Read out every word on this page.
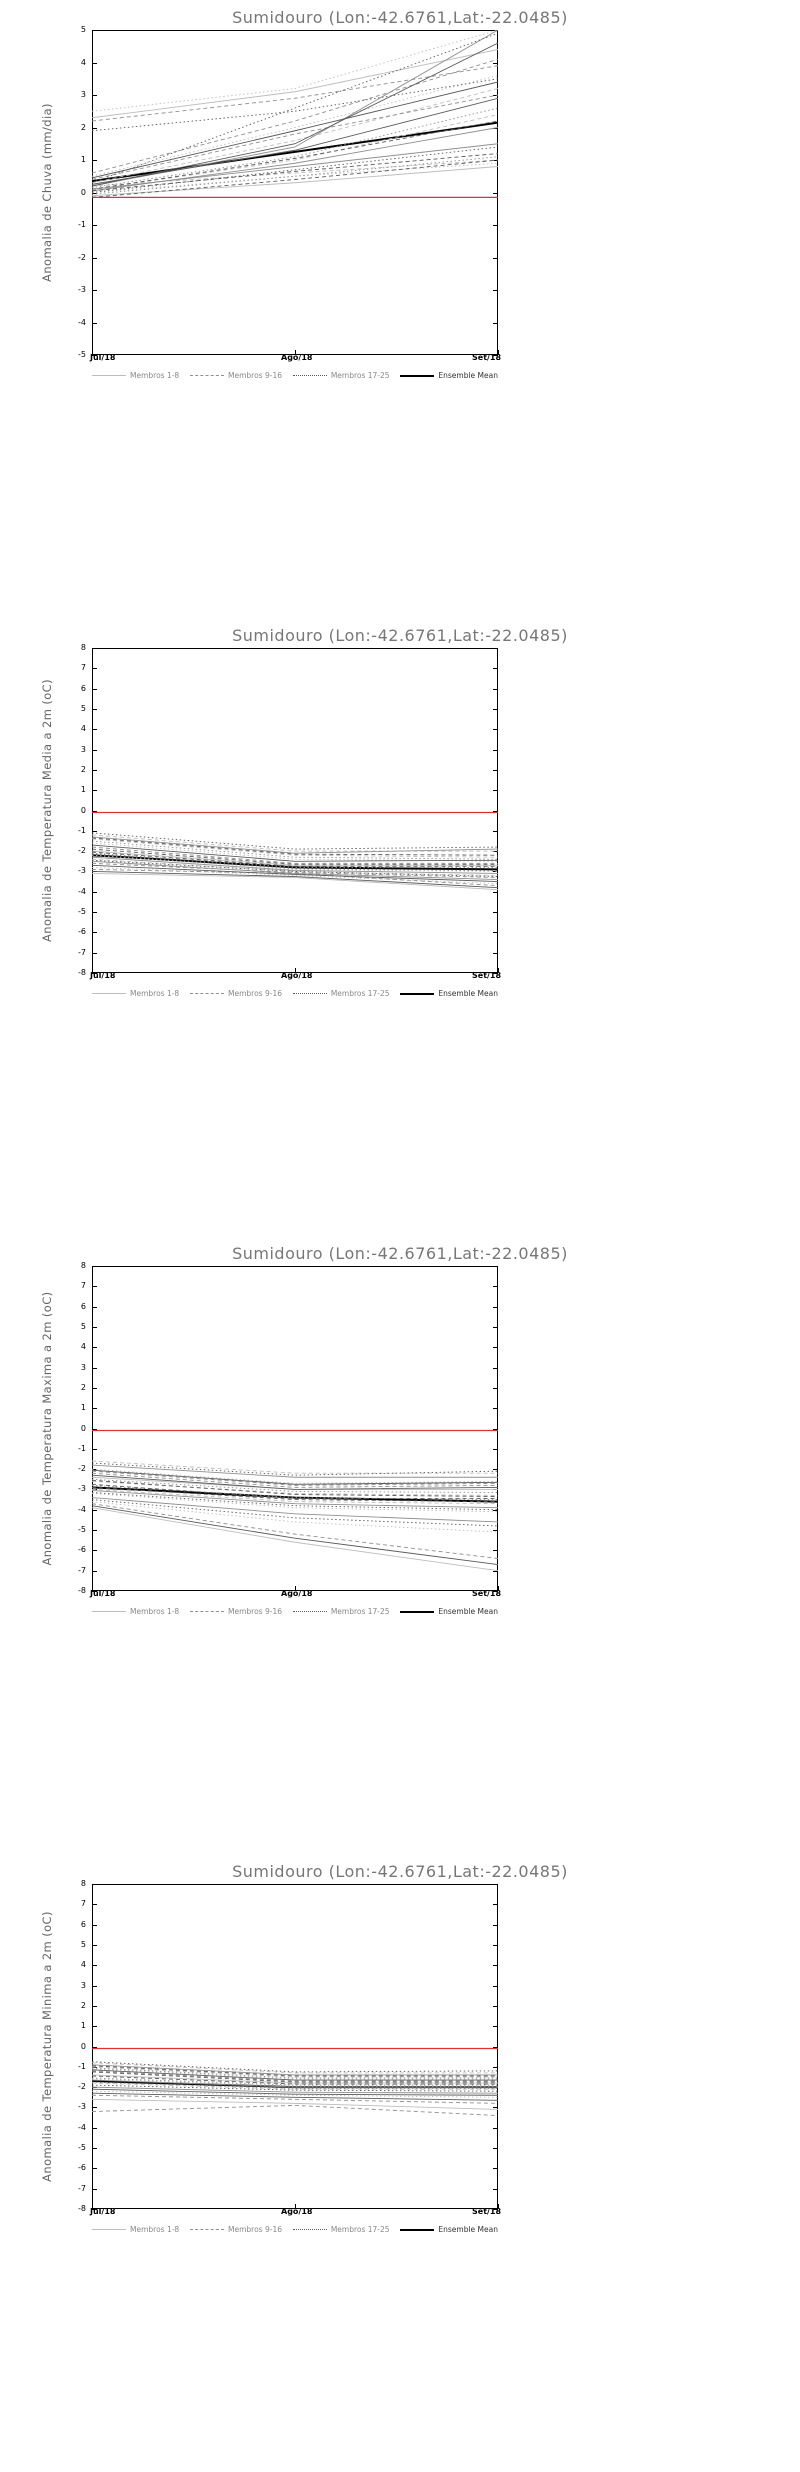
Sumidouro (Lon:-42.6761,Lat:-22.0485)
Anomalia de Chuva (mm/dia)
-5
-4
-3
-2
-1
0
1
2
3
4
5
Jul/18	Ago/18	Set/18
Membros 1-8	Membros 9-16	Membros 17-25	Ensemble Mean
Sumidouro (Lon:-42.6761,Lat:-22.0485)
Anomalia de Temperatura Media a 2m (oC)
-8
-7
-6
-5
-4
-3
-2
-1
0
1
2
3
4
5
6
7
8
Jul/18	Ago/18	Set/18
Membros 1-8	Membros 9-16	Membros 17-25	Ensemble Mean
Sumidouro (Lon:-42.6761,Lat:-22.0485)
Anomalia de Temperatura Maxima a 2m (oC)
-8
-7
-6
-5
-4
-3
-2
-1
0
1
2
3
4
5
6
7
8
Jul/18	Ago/18	Set/18
Membros 1-8	Membros 9-16	Membros 17-25	Ensemble Mean
Sumidouro (Lon:-42.6761,Lat:-22.0485)
Anomalia de Temperatura Minima a 2m (oC)
-8
-7
-6
-5
-4
-3
-2
-1
0
1
2
3
4
5
6
7
8
Jul/18	Ago/18	Set/18
Membros 1-8	Membros 9-16	Membros 17-25	Ensemble Mean
